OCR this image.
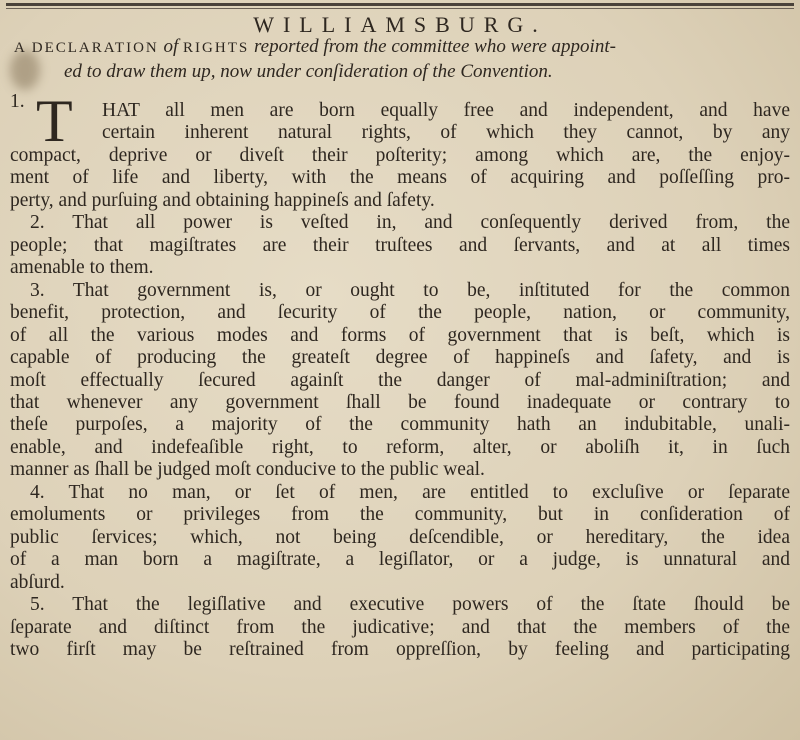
WILLIAMSBURG.
A DECLARATION of RIGHTS reported from the committee who were appoint-
ed to draw them up, now under conſideration of the Convention.
1. T HAT all men are born equally free and independent, and have
certain inherent natural rights, of which they cannot, by any
compact, deprive or diveſt their poſterity; among which are, the enjoy-
ment of life and liberty, with the means of acquiring and poſſeſſing pro-
perty, and purſuing and obtaining happineſs and ſafety.
2. That all power is veſted in, and conſequently derived from, the
people; that magiſtrates are their truſtees and ſervants, and at all times
amenable to them.
3. That government is, or ought to be, inſtituted for the common
benefit, protection, and ſecurity of the people, nation, or community,
of all the various modes and forms of government that is beſt, which is
capable of producing the greateſt degree of happineſs and ſafety, and is
moſt effectually ſecured againſt the danger of mal-adminiſtration; and
that whenever any government ſhall be found inadequate or contrary to
theſe purpoſes, a majority of the community hath an indubitable, unali-
enable, and indefeaſible right, to reform, alter, or aboliſh it, in ſuch
manner as ſhall be judged moſt conducive to the public weal.
4. That no man, or ſet of men, are entitled to excluſive or ſeparate
emoluments or privileges from the community, but in conſideration of
public ſervices; which, not being deſcendible, or hereditary, the idea
of a man born a magiſtrate, a legiſlator, or a judge, is unnatural and
abſurd.
5. That the legiſlative and executive powers of the ſtate ſhould be
ſeparate and diſtinct from the judicative; and that the members of the
two firſt may be reſtrained from oppreſſion, by feeling and participating
